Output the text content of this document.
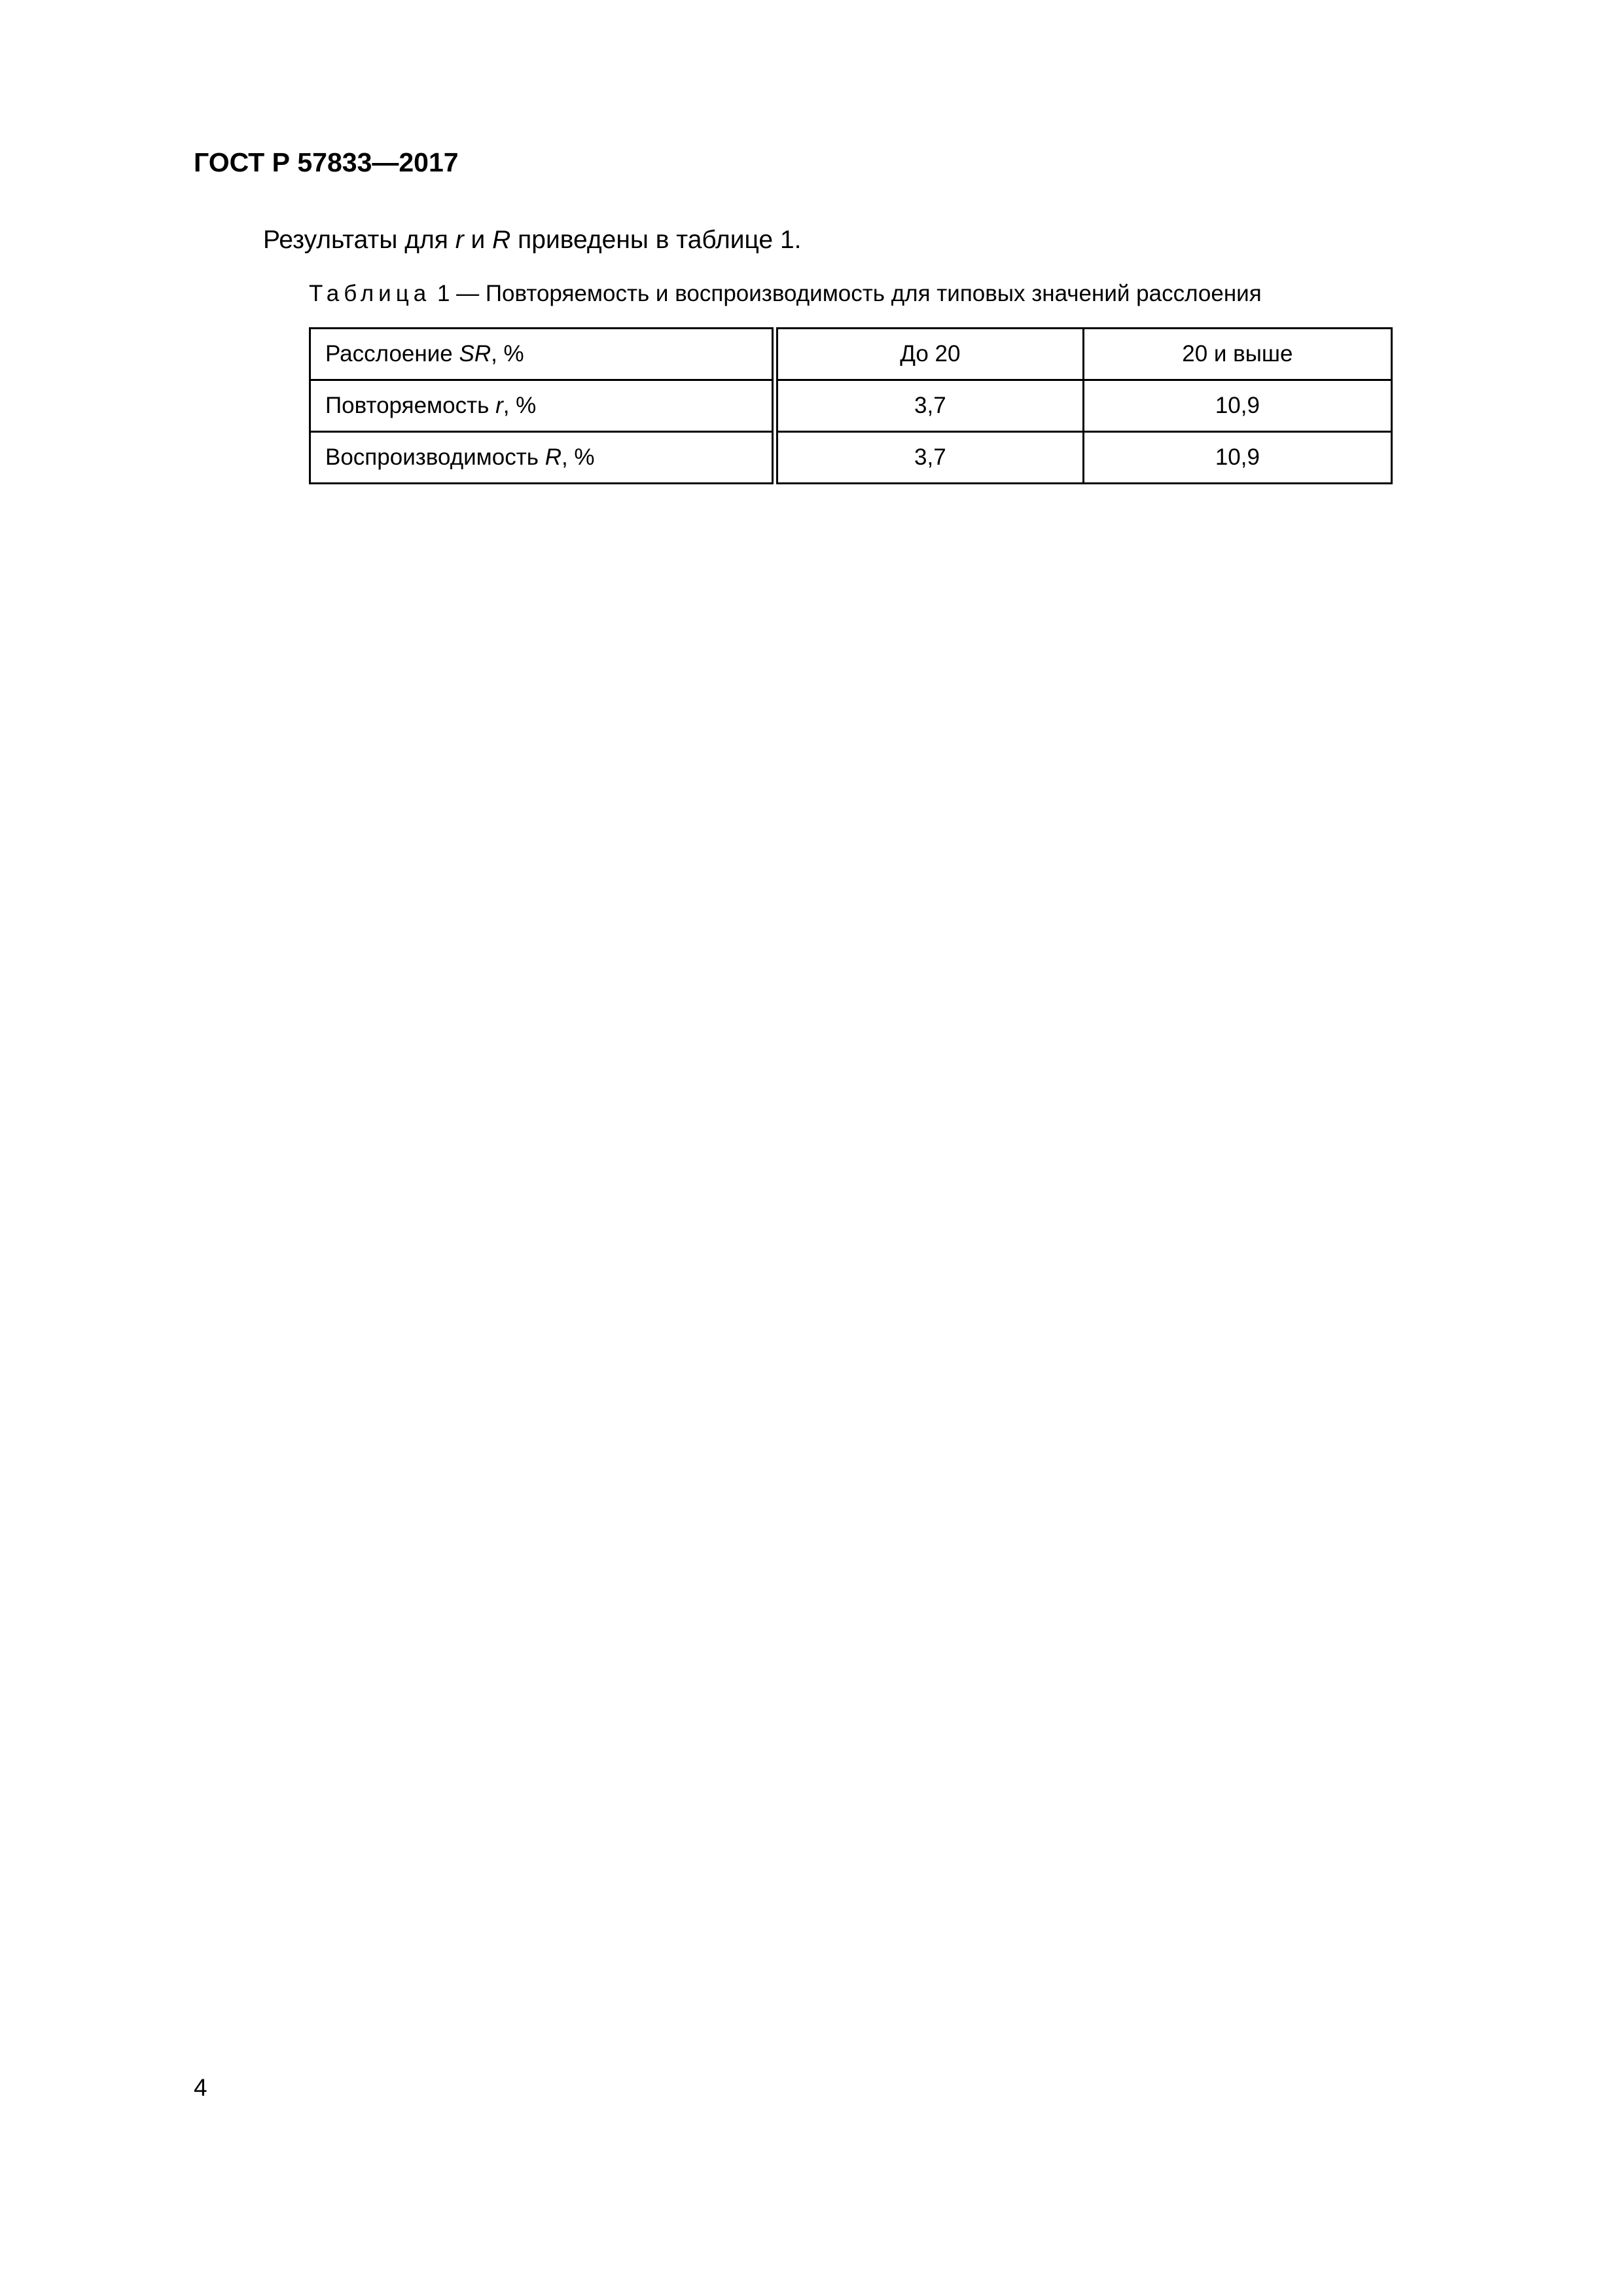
ГОСТ Р 57833—2017
Результаты для r и R приведены в таблице 1.
Таблица 1 — Повторяемость и воспроизводимость для типовых значений расслоения
Расслоение SR, %	До 20	20 и выше
Повторяемость r, %	3,7	10,9
Воспроизводимость R, %	3,7	10,9
4
